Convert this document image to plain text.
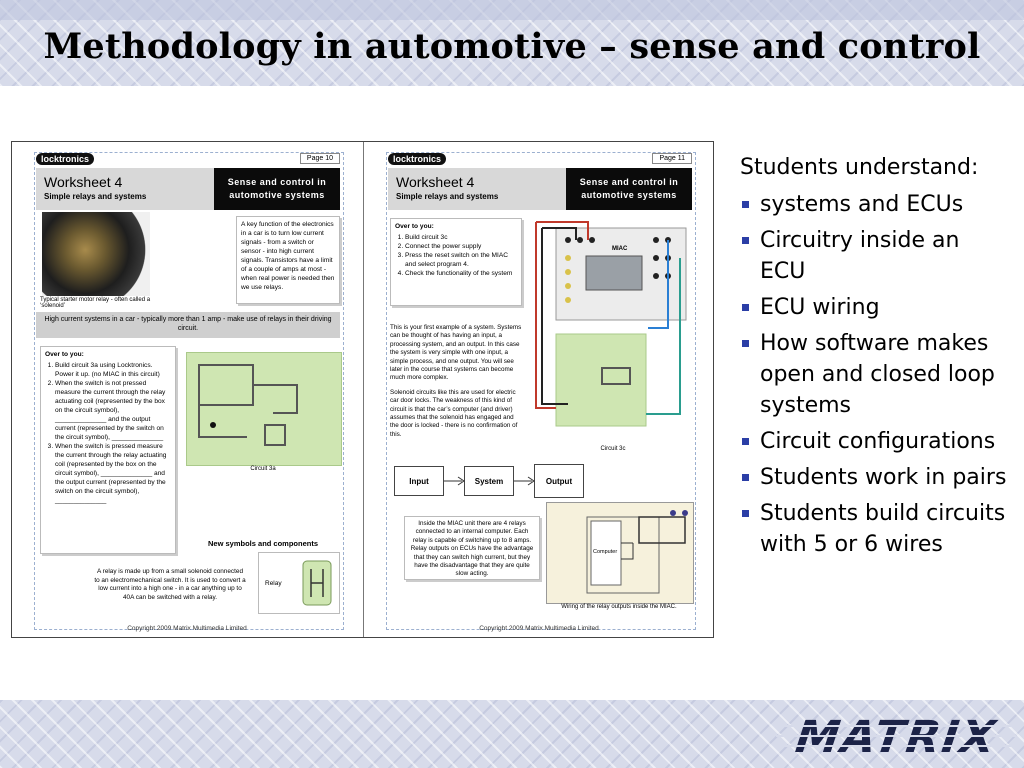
Methodology in automotive – sense and control
locktronics	Page 10
Worksheet 4
Simple relays and systems
Sense and control in automotive systems
Typical starter motor relay - often called a ‘solenoid’
A key function of the electronics in a car is to turn low current signals - from a switch or sensor - into high current signals. Transistors have a limit of a couple of amps at most - when real power is needed then we use relays.
High current systems in a car - typically more than 1 amp - make use of relays in their driving circuit.
Over to you:
1. Build circuit 3a using Locktronics. Power it up. (no MIAC in this circuit)
2. When the switch is not pressed measure the current through the relay actuating coil (represented by the box on the circuit symbol), ______________ and the output current (represented by the switch on the circuit symbol), ______________
3. When the switch is pressed measure the current through the relay actuating coil (represented by the box on the circuit symbol), ______________ and the output current (represented by the switch on the circuit symbol), ______________
Circuit 3a
New symbols and components
A relay is made up from a small solenoid connected to an electromechanical switch. It is used to convert a low current into a high one - in a car anything up to 40A can be switched with a relay.
Relay
Copyright 2009 Matrix Multimedia Limited
locktronics	Page 11
Worksheet 4
Simple relays and systems
Sense and control in automotive systems
Over to you:
1. Build circuit 3c
2. Connect the power supply
3. Press the reset switch on the MIAC and select program 4.
4. Check the functionality of the system
MIAC
Circuit 3c
This is your first example of a system. Systems can be thought of has having an input, a processing system, and an output. In this case the system is very simple with one input, a simple process, and one output. You will see later in the course that systems can become much more complex.
Solenoid circuits like this are used for electric car door locks. The weakness of this kind of circuit is that the car’s computer (and driver) assumes that the solenoid has engaged and the door is locked - there is no confirmation of this.
Input	System	Output
Inside the MIAC unit there are 4 relays connected to an internal computer. Each relay is capable of switching up to 8 amps. Relay outputs on ECUs have the advantage that they can switch high current, but they have the disadvantage that they are quite slow acting.
Computer
Wiring of the relay outputs inside the MIAC.
Copyright 2009 Matrix Multimedia Limited

Students understand:

systems and ECUs
Circuitry inside an ECU
ECU wiring
How software makes open and closed loop systems
Circuit configurations
Students work in pairs
Students build circuits with 5 or 6 wires
MATRIX
